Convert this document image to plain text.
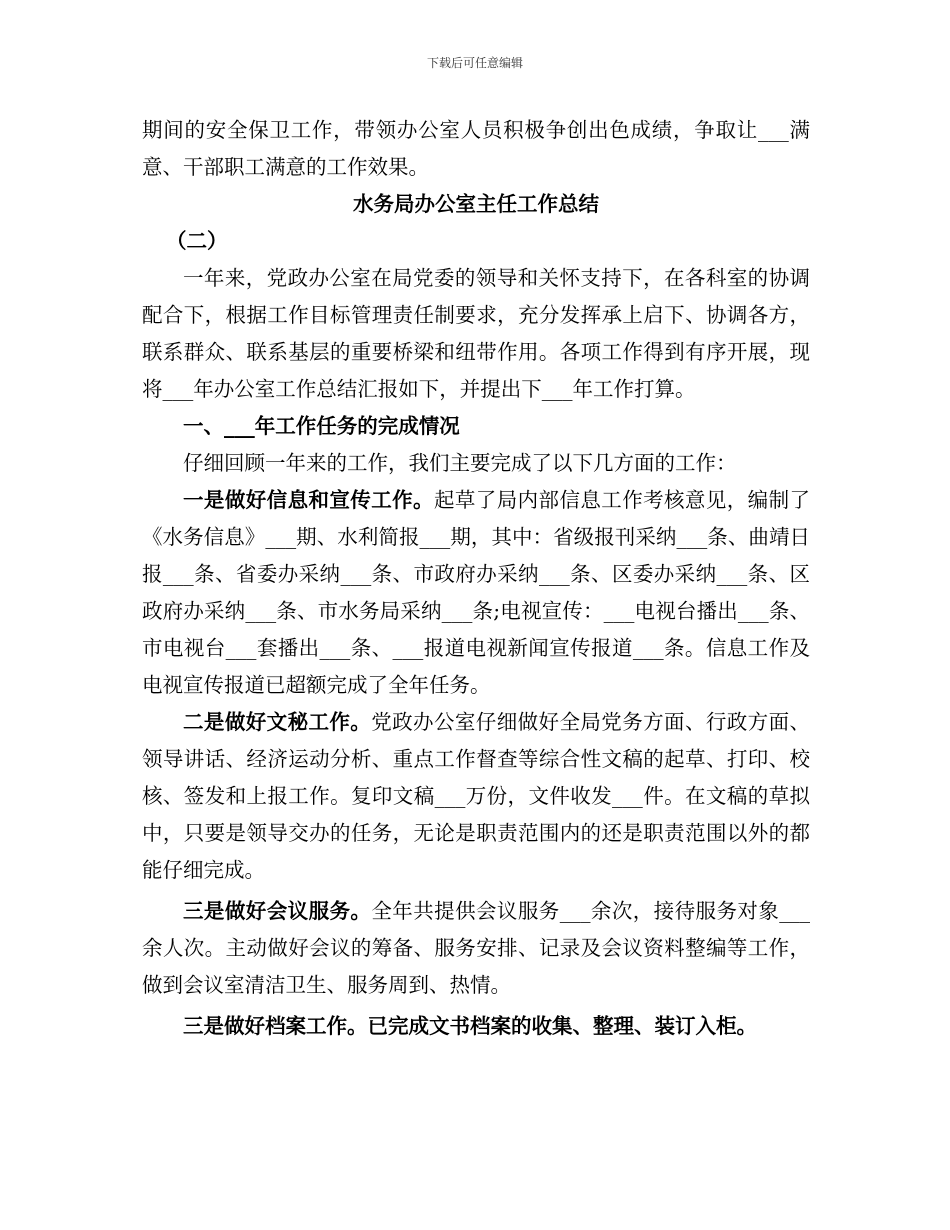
下载后可任意编辑

期间的安全保卫工作，带领办公室人员积极争创出色成绩，争取让___满意、干部职工满意的工作效果。

水务局办公室主任工作总结

（二）

一年来，党政办公室在局党委的领导和关怀支持下，在各科室的协调配合下，根据工作目标管理责任制要求，充分发挥承上启下、协调各方，联系群众、联系基层的重要桥梁和纽带作用。各项工作得到有序开展，现将___年办公室工作总结汇报如下，并提出下___年工作打算。

一、___年工作任务的完成情况

仔细回顾一年来的工作，我们主要完成了以下几方面的工作：

一是做好信息和宣传工作。起草了局内部信息工作考核意见，编制了《水务信息》___期、水利简报___期，其中：省级报刊采纳___条、曲靖日报___条、省委办采纳___条、市政府办采纳___条、区委办采纳___条、区政府办采纳___条、市水务局采纳___条;电视宣传：___电视台播出___条、市电视台___套播出___条、___报道电视新闻宣传报道___条。信息工作及电视宣传报道已超额完成了全年任务。

二是做好文秘工作。党政办公室仔细做好全局党务方面、行政方面、领导讲话、经济运动分析、重点工作督查等综合性文稿的起草、打印、校核、签发和上报工作。复印文稿___万份，文件收发___件。在文稿的草拟中，只要是领导交办的任务，无论是职责范围内的还是职责范围以外的都能仔细完成。

三是做好会议服务。全年共提供会议服务___余次，接待服务对象___余人次。主动做好会议的筹备、服务安排、记录及会议资料整编等工作，做到会议室清洁卫生、服务周到、热情。

三是做好档案工作。已完成文书档案的收集、整理、装订入柜。
